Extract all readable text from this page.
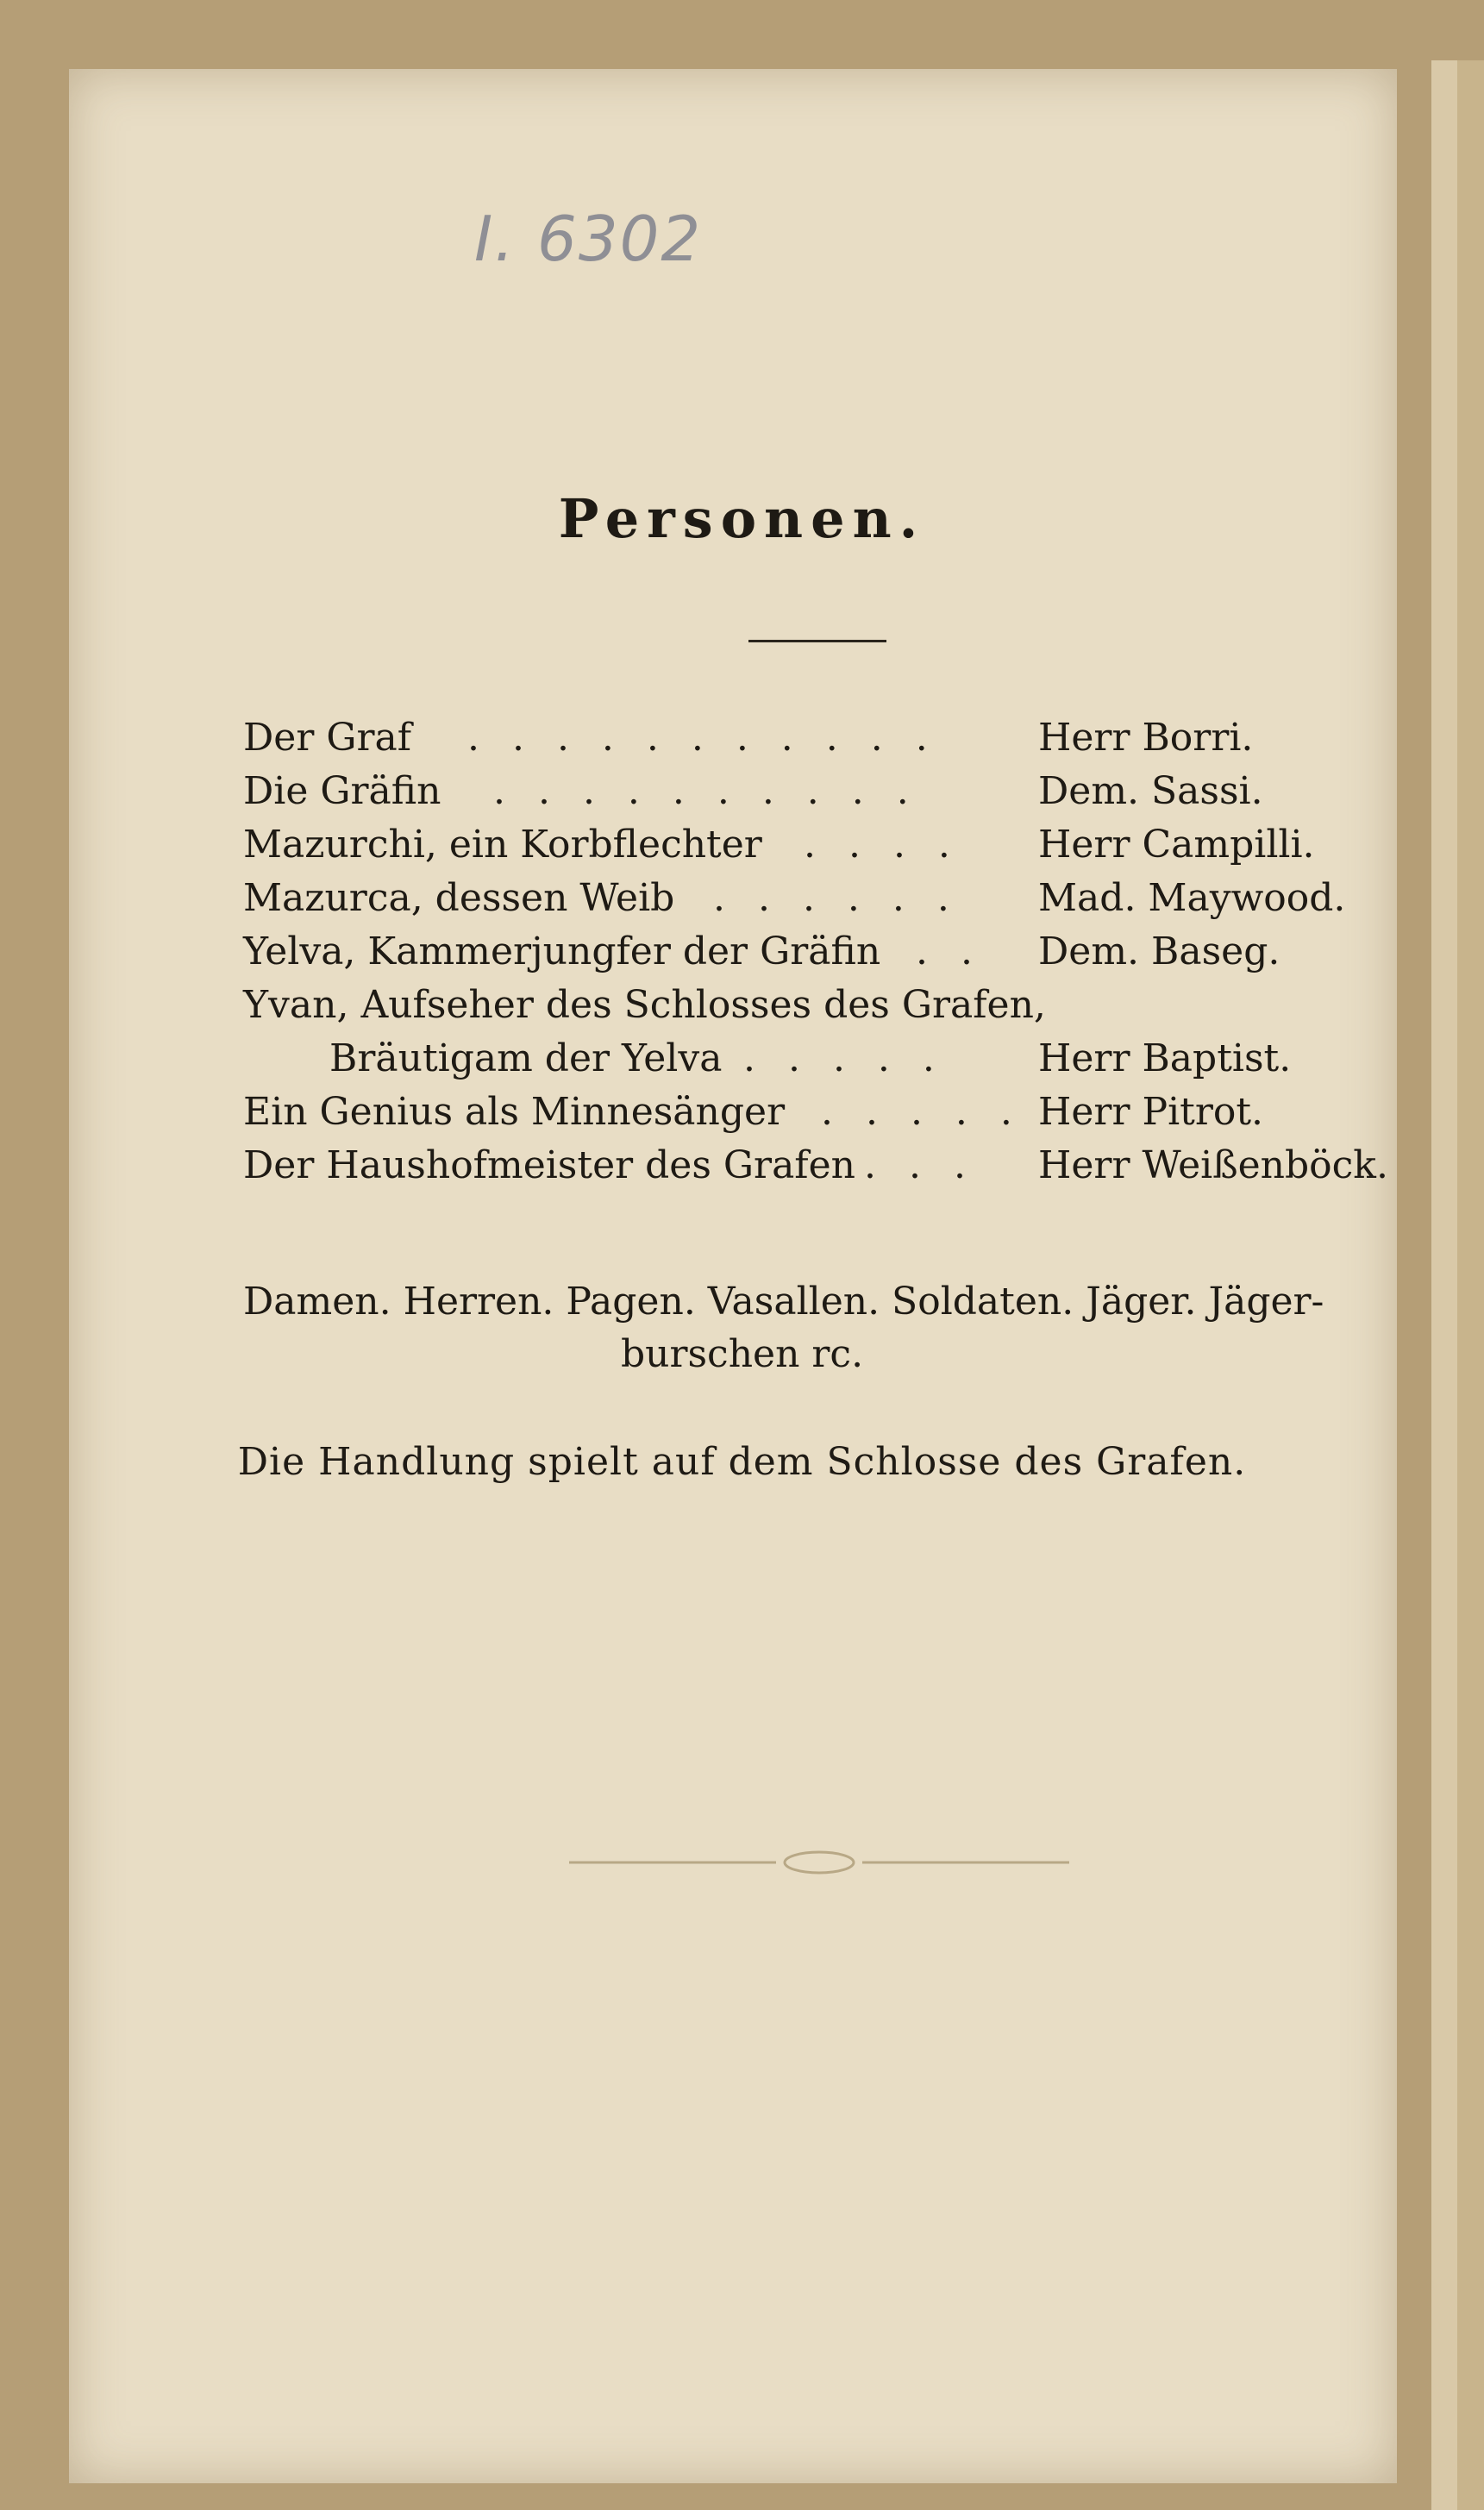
I. 6302
Personen.
Der Graf . . . . . . . . . . .	Herr Borri.
Die Gräfin . . . . . . . . . .	Dem. Sassi.
Mazurchi, ein Korbflechter . . . . Herr Campilli.
Mazurca, dessen Weib . . . . . . Mad. Maywood.
Yelva, Kammerjungfer der Gräfin . . Dem. Baseg.
Yvan, Aufseher des Schlosses des Grafen,
Bräutigam der Yelva . . . . . Herr Baptist.
Ein Genius als Minnesänger . . . . . Herr Pitrot.
Der Haushofmeister des Grafen . . . Herr Weißenböck.
Damen. Herren. Pagen. Vasallen. Soldaten. Jäger. Jäger-
burschen rc.
Die Handlung spielt auf dem Schlosse des Grafen.
